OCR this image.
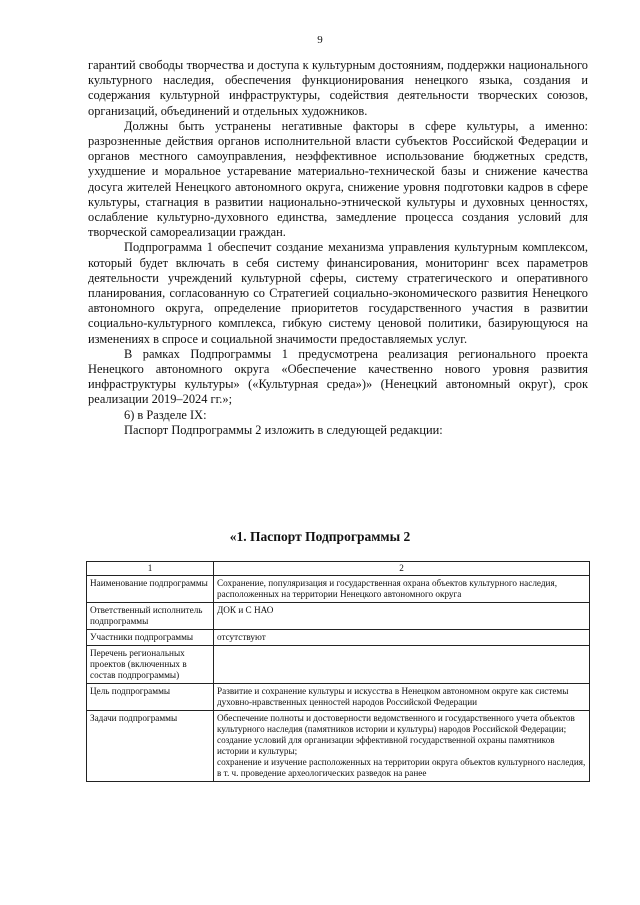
9

гарантий свободы творчества и доступа к культурным достояниям, поддержки национального культурного наследия, обеспечения функционирования ненецкого языка, создания и содержания культурной инфраструктуры, содействия деятельности творческих союзов, организаций, объединений и отдельных художников.

Должны быть устранены негативные факторы в сфере культуры, а именно: разрозненные действия органов исполнительной власти субъектов Российской Федерации и органов местного самоуправления, неэффективное использование бюджетных средств, ухудшение и моральное устаревание материально-технической базы и снижение качества досуга жителей Ненецкого автономного округа, снижение уровня подготовки кадров в сфере культуры, стагнация в развитии национально-этнической культуры и духовных ценностях, ослабление культурно-духовного единства, замедление процесса создания условий для творческой самореализации граждан.

Подпрограмма 1 обеспечит создание механизма управления культурным комплексом, который будет включать в себя систему финансирования, мониторинг всех параметров деятельности учреждений культурной сферы, систему стратегического и оперативного планирования, согласованную со Стратегией социально-экономического развития Ненецкого автономного округа, определение приоритетов государственного участия в развитии социально-культурного комплекса, гибкую систему ценовой политики, базирующуюся на изменениях в спросе и социальной значимости предоставляемых услуг.

В рамках Подпрограммы 1 предусмотрена реализация регионального проекта Ненецкого автономного округа «Обеспечение качественно нового уровня развития инфраструктуры культуры» («Культурная среда»)» (Ненецкий автономный округ), срок реализации 2019–2024 гг.»;

6) в Разделе IX:

Паспорт Подпрограммы 2 изложить в следующей редакции:

«1. Паспорт Подпрограммы 2
1	2
Наименование подпрограммы	Сохранение, популяризация и государственная охрана объектов культурного наследия, расположенных на территории Ненецкого автономного округа
Ответственный исполнитель подпрограммы	ДОК и С НАО
Участники подпрограммы	отсутствуют
Перечень региональных проектов (включенных в состав подпрограммы)	
Цель подпрограммы	Развитие и сохранение культуры и искусства в Ненецком автономном округе как системы духовно-нравственных ценностей народов Российской Федерации
Задачи подпрограммы	Обеспечение полноты и достоверности ведомственного и государственного учета объектов культурного наследия (памятников истории и культуры) народов Российской Федерации;
создание условий для организации эффективной государственной охраны памятников истории и культуры;
сохранение и изучение расположенных на территории округа объектов культурного наследия, в т. ч. проведение археологических разведок на ранее
